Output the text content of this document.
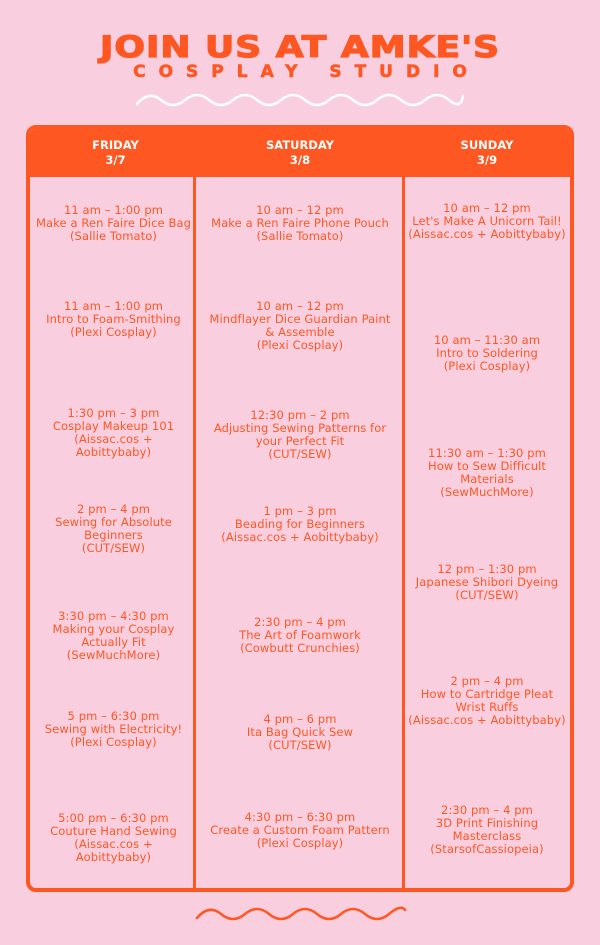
JOIN US AT AMKE'S
COSPLAY STUDIO
FRIDAY
3/7
SATURDAY
3/8
SUNDAY
3/9
11 am – 1:00 pm
Make a Ren Faire Dice Bag
(Sallie Tomato)
11 am – 1:00 pm
Intro to Foam-Smithing
(Plexi Cosplay)
1:30 pm – 3 pm
Cosplay Makeup 101
(Aissac.cos + Aobittybaby)
2 pm – 4 pm
Sewing for Absolute Beginners
(CUT/SEW)
3:30 pm – 4:30 pm
Making your Cosplay Actually Fit
(SewMuchMore)
5 pm – 6:30 pm
Sewing with Electricity!
(Plexi Cosplay)
5:00 pm – 6:30 pm
Couture Hand Sewing
(Aissac.cos + Aobittybaby)
10 am – 12 pm
Make a Ren Faire Phone Pouch
(Sallie Tomato)
10 am – 12 pm
Mindflayer Dice Guardian Paint & Assemble
(Plexi Cosplay)
12:30 pm – 2 pm
Adjusting Sewing Patterns for your Perfect Fit
(CUT/SEW)
1 pm – 3 pm
Beading for Beginners
(Aissac.cos + Aobittybaby)
2:30 pm – 4 pm
The Art of Foamwork
(Cowbutt Crunchies)
4 pm – 6 pm
Ita Bag Quick Sew
(CUT/SEW)
4:30 pm – 6:30 pm
Create a Custom Foam Pattern
(Plexi Cosplay)
10 am – 12 pm
Let's Make A Unicorn Tail!
(Aissac.cos + Aobittybaby)
10 am – 11:30 am
Intro to Soldering
(Plexi Cosplay)
11:30 am – 1:30 pm
How to Sew Difficult Materials
(SewMuchMore)
12 pm – 1:30 pm
Japanese Shibori Dyeing
(CUT/SEW)
2 pm – 4 pm
How to Cartridge Pleat Wrist Ruffs
(Aissac.cos + Aobittybaby)
2:30 pm – 4 pm
3D Print Finishing Masterclass
(StarsofCassiopeia)
